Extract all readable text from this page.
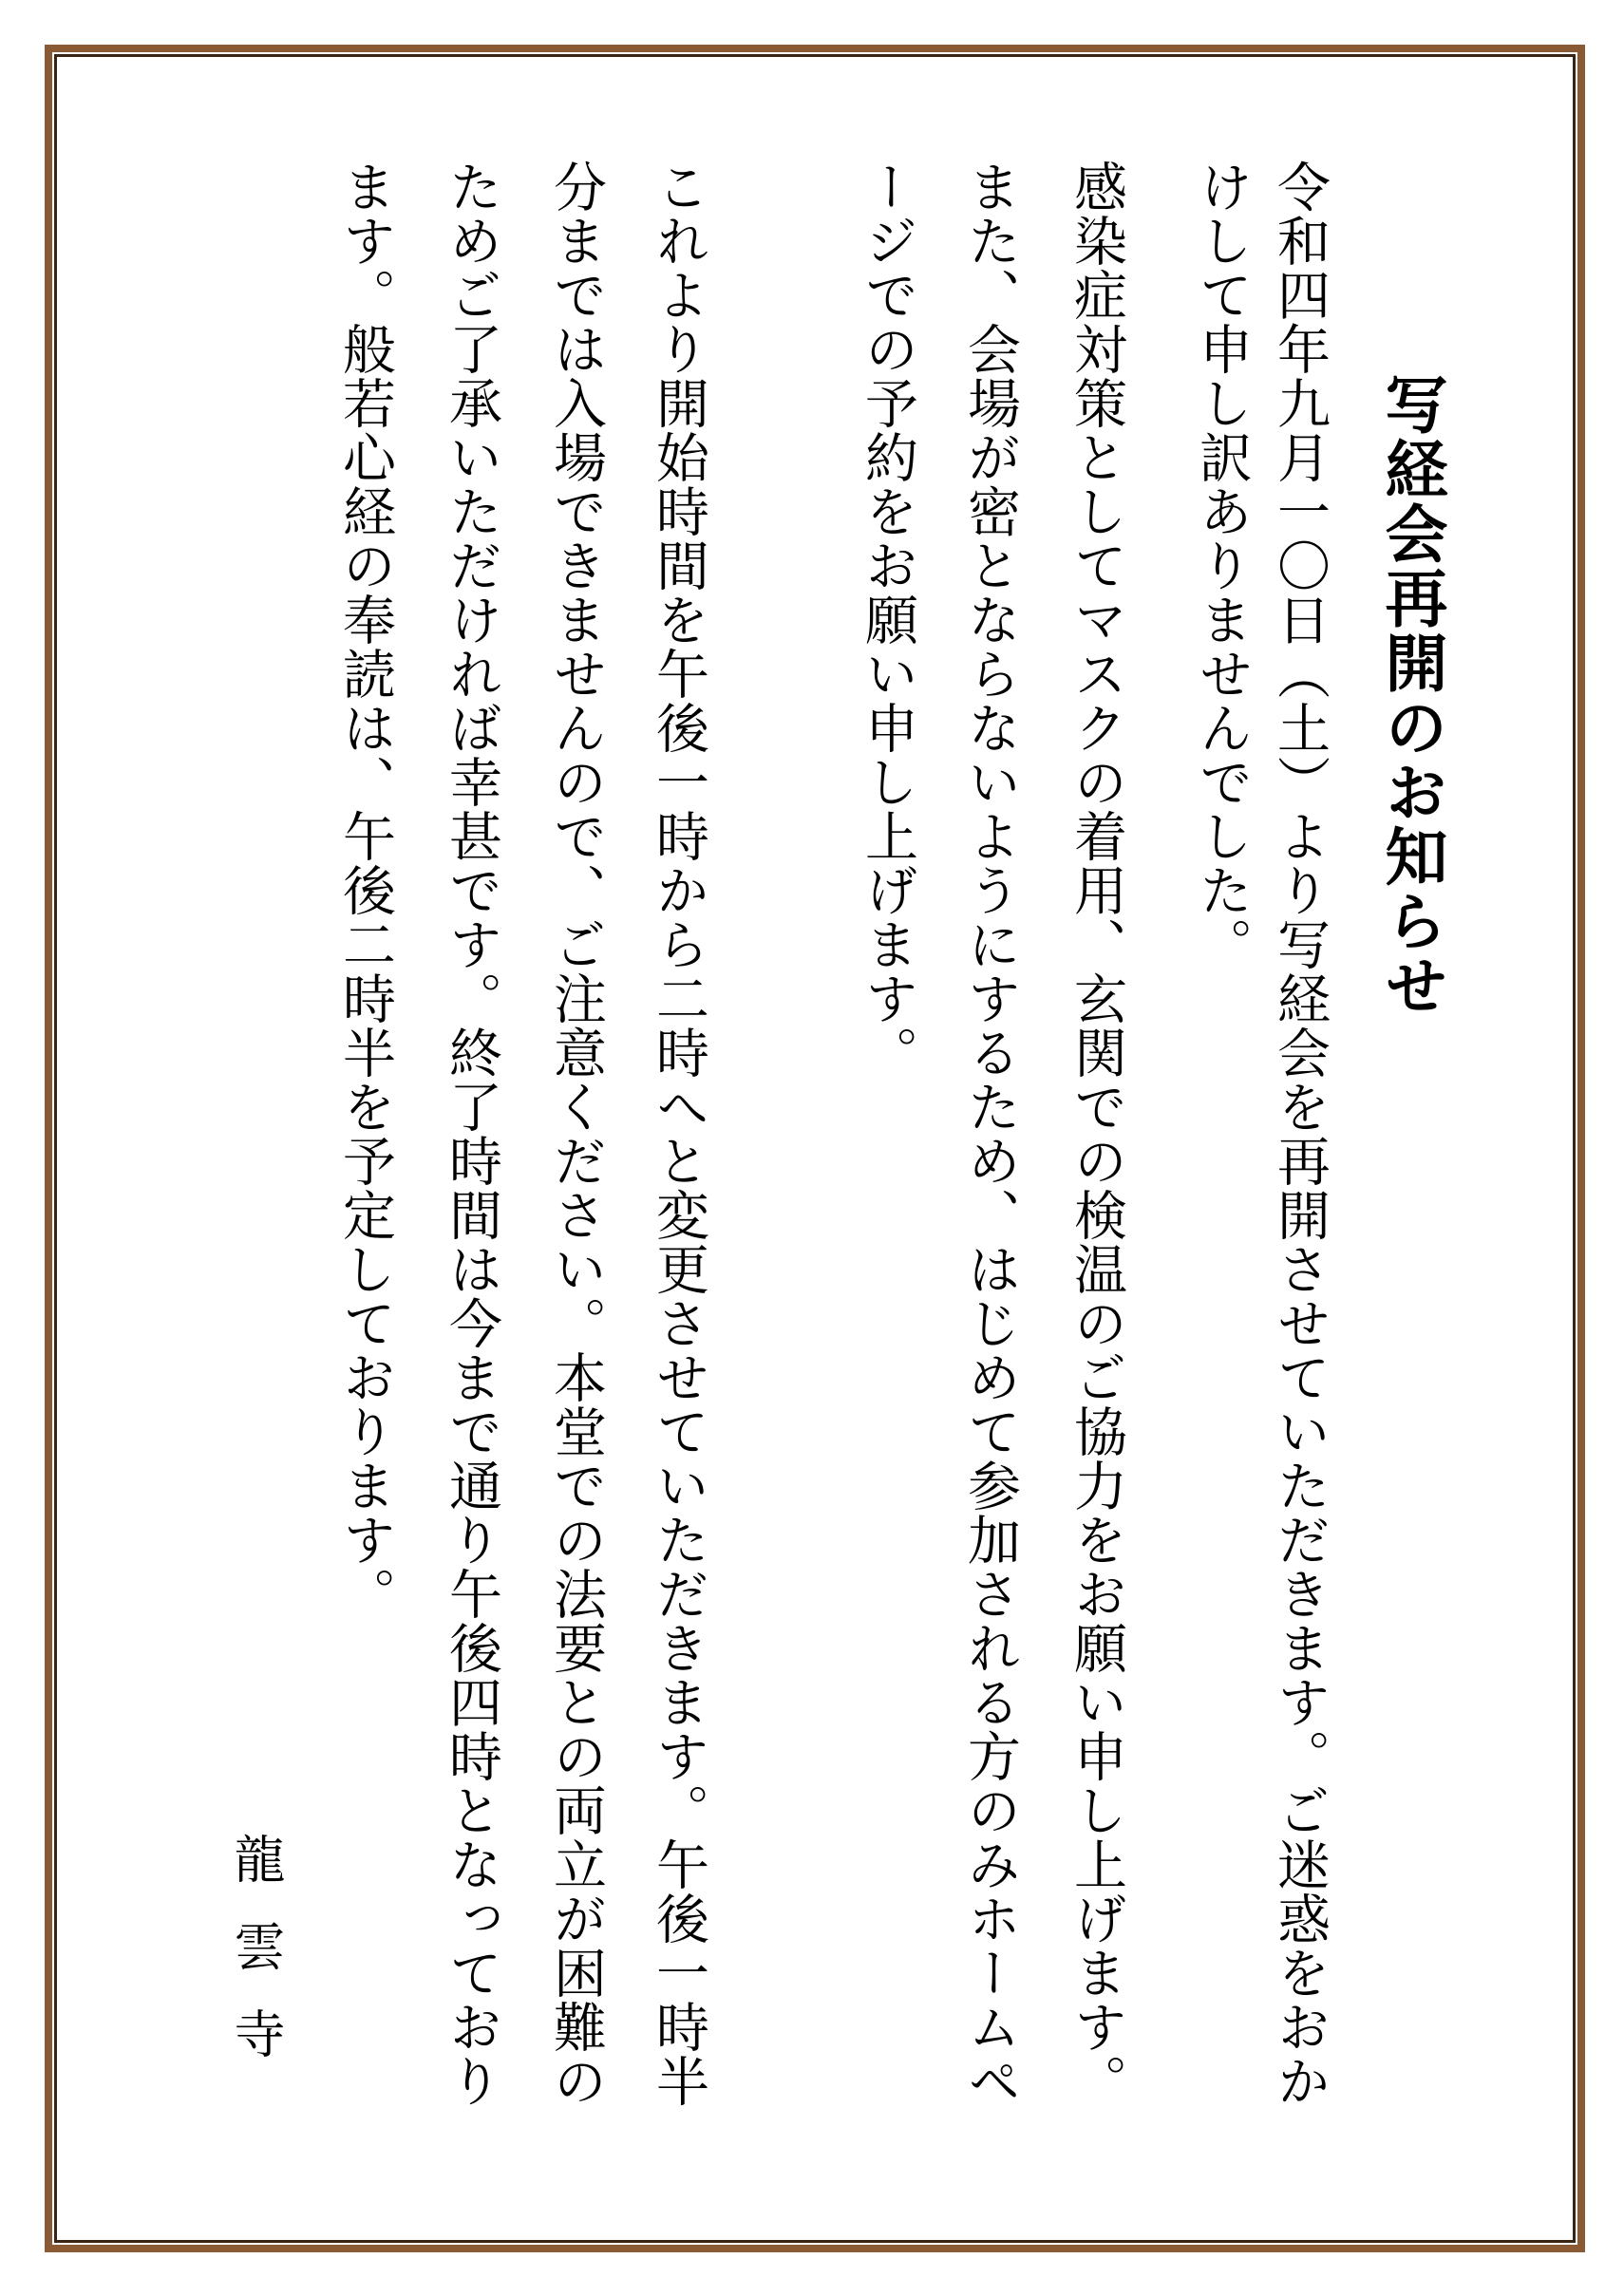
写経会再開のお知らせ

令和四年九月一〇日（土）より写経会を再開させていただきます。ご迷惑をおか

けして申し訳ありませんでした。

感染症対策としてマスクの着用、玄関での検温のご協力をお願い申し上げます。

また、会場が密とならないようにするため、はじめて参加される方のみホームペ

ージでの予約をお願い申し上げます。

これより開始時間を午後一時から二時へと変更させていただきます。午後一時半

分までは入場できませんので、ご注意ください。本堂での法要との両立が困難の

ためご了承いただければ幸甚です。終了時間は今まで通り午後四時となっており

ます。般若心経の奉読は、午後二時半を予定しております。

龍雲寺
